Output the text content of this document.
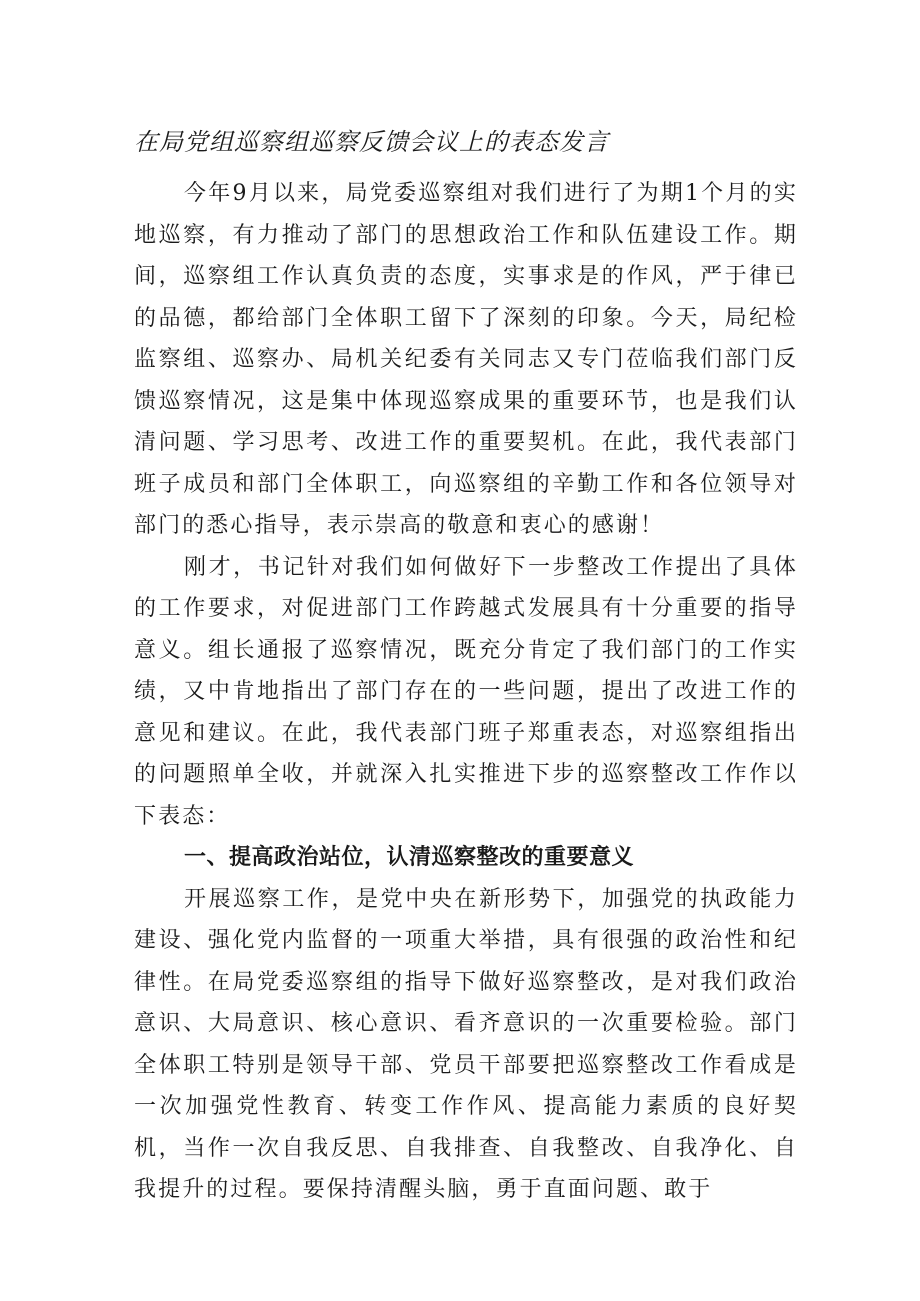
在局党组巡察组巡察反馈会议上的表态发言

今年9月以来，局党委巡察组对我们进行了为期1个月的实地巡察，有力推动了部门的思想政治工作和队伍建设工作。期间，巡察组工作认真负责的态度，实事求是的作风，严于律已的品德，都给部门全体职工留下了深刻的印象。今天，局纪检监察组、巡察办、局机关纪委有关同志又专门莅临我们部门反馈巡察情况，这是集中体现巡察成果的重要环节，也是我们认清问题、学习思考、改进工作的重要契机。在此，我代表部门班子成员和部门全体职工，向巡察组的辛勤工作和各位领导对部门的悉心指导，表示崇高的敬意和衷心的感谢！

刚才，书记针对我们如何做好下一步整改工作提出了具体的工作要求，对促进部门工作跨越式发展具有十分重要的指导意义。组长通报了巡察情况，既充分肯定了我们部门的工作实绩，又中肯地指出了部门存在的一些问题，提出了改进工作的意见和建议。在此，我代表部门班子郑重表态，对巡察组指出的问题照单全收，并就深入扎实推进下步的巡察整改工作作以下表态：

一、提高政治站位，认清巡察整改的重要意义

开展巡察工作，是党中央在新形势下，加强党的执政能力建设、强化党内监督的一项重大举措，具有很强的政治性和纪律性。在局党委巡察组的指导下做好巡察整改，是对我们政治意识、大局意识、核心意识、看齐意识的一次重要检验。部门全体职工特别是领导干部、党员干部要把巡察整改工作看成是一次加强党性教育、转变工作作风、提高能力素质的良好契机，当作一次自我反思、自我排查、自我整改、自我净化、自我提升的过程。要保持清醒头脑，勇于直面问题、敢于
